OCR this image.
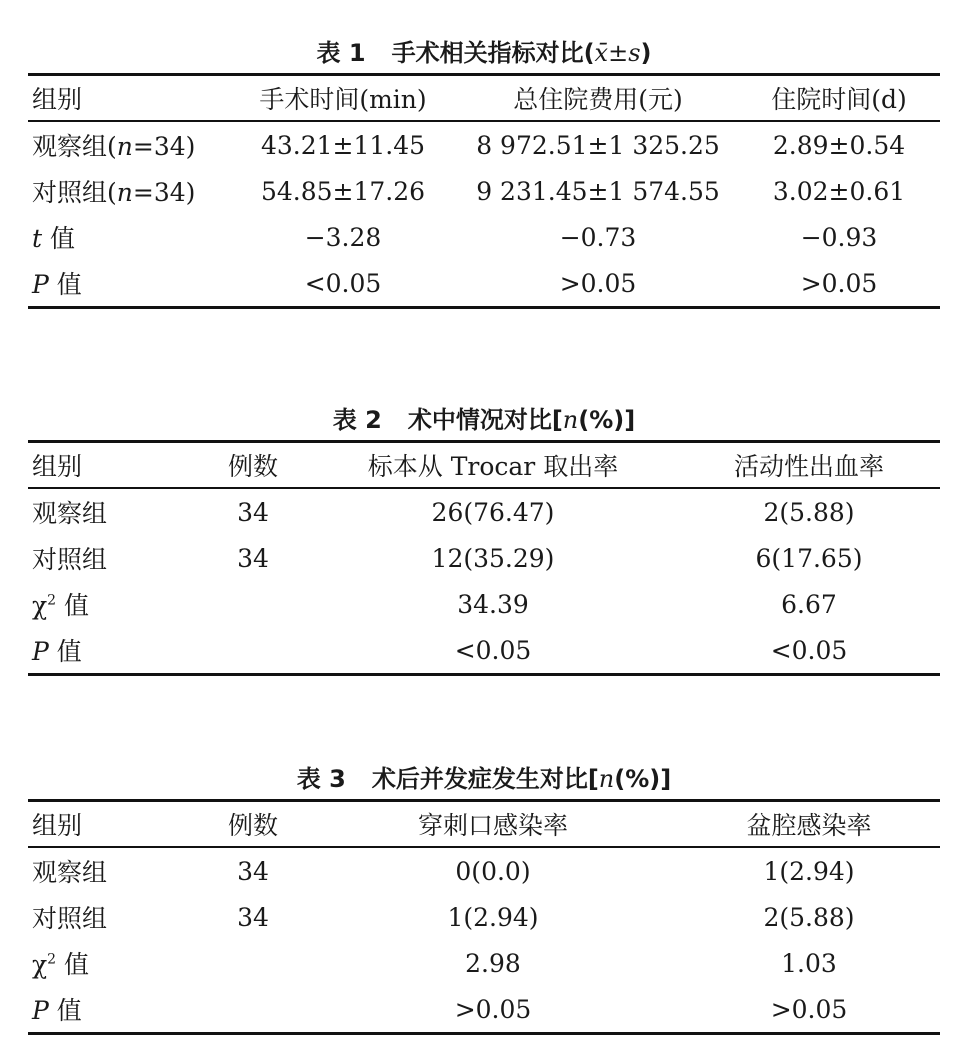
表 1 手术相关指标对比(x̄±s)
组别	手术时间(min)	总住院费用(元)	住院时间(d)
观察组(n=34)	43.21±11.45	8 972.51±1 325.25	2.89±0.54
对照组(n=34)	54.85±17.26	9 231.45±1 574.55	3.02±0.61
t 值	−3.28	−0.73	−0.93
P 值	<0.05	>0.05	>0.05
表 2 术中情况对比[n(%)]
组别	例数	标本从 Trocar 取出率	活动性出血率
观察组	34	26(76.47)	2(5.88)
对照组	34	12(35.29)	6(17.65)
$\chi^2$ 值		34.39	6.67
P 值		<0.05	<0.05
表 3 术后并发症发生对比[n(%)]
组别	例数	穿刺口感染率	盆腔感染率
观察组	34	0(0.0)	1(2.94)
对照组	34	1(2.94)	2(5.88)
$\chi^2$ 值		2.98	1.03
P 值		>0.05	>0.05
